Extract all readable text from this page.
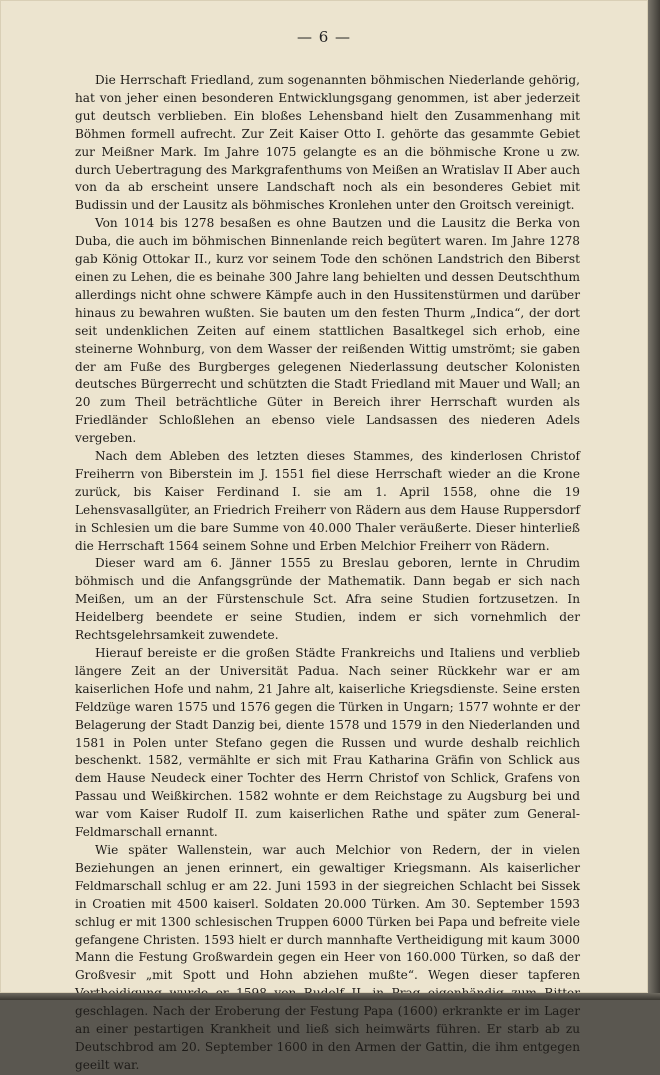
— 6 —

Die Herrschaft Friedland, zum sogenannten böhmischen Niederlande gehörig, hat von jeher einen besonderen Entwicklungsgang genommen, ist aber jederzeit gut deutsch verblieben. Ein bloßes Lehensband hielt den Zusammenhang mit Böhmen formell aufrecht. Zur Zeit Kaiser Otto I. gehörte das gesammte Gebiet zur Meißner Mark. Im Jahre 1075 gelangte es an die böhmische Krone u zw. durch Uebertragung des Markgrafenthums von Meißen an Wratislav II Aber auch von da ab erscheint unsere Landschaft noch als ein besonderes Gebiet mit Budissin und der Lausitz als böhmisches Kronlehen unter den Groitsch vereinigt.

Von 1014 bis 1278 besaßen es ohne Bautzen und die Lausitz die Berka von Duba, die auch im böhmischen Binnenlande reich begütert waren. Im Jahre 1278 gab König Ottokar II., kurz vor seinem Tode den schönen Landstrich den Biberst einen zu Lehen, die es beinahe 300 Jahre lang behielten und dessen Deutschthum allerdings nicht ohne schwere Kämpfe auch in den Hussitenstürmen und darüber hinaus zu bewahren wußten. Sie bauten um den festen Thurm „Indica“, der dort seit undenklichen Zeiten auf einem stattlichen Basaltkegel sich erhob, eine steinerne Wohnburg, von dem Wasser der reißenden Wittig umströmt; sie gaben der am Fuße des Burgberges gelegenen Niederlassung deutscher Kolonisten deutsches Bürgerrecht und schützten die Stadt Friedland mit Mauer und Wall; an 20 zum Theil beträchtliche Güter in Bereich ihrer Herrschaft wurden als Friedländer Schloßlehen an ebenso viele Landsassen des niederen Adels vergeben.

Nach dem Ableben des letzten dieses Stammes, des kinderlosen Christof Freiherrn von Biberstein im J. 1551 fiel diese Herrschaft wieder an die Krone zurück, bis Kaiser Ferdinand I. sie am 1. April 1558, ohne die 19 Lehensvasallgüter, an Friedrich Freiherr von Rädern aus dem Hause Ruppersdorf in Schlesien um die bare Summe von 40.000 Thaler veräußerte. Dieser hinterließ die Herrschaft 1564 seinem Sohne und Erben Melchior Freiherr von Rädern.

Dieser ward am 6. Jänner 1555 zu Breslau geboren, lernte in Chrudim böhmisch und die Anfangsgründe der Mathematik. Dann begab er sich nach Meißen, um an der Fürstenschule Sct. Afra seine Studien fortzusetzen. In Heidelberg beendete er seine Studien, indem er sich vornehmlich der Rechtsgelehrsamkeit zuwendete.

Hierauf bereiste er die großen Städte Frankreichs und Italiens und verblieb längere Zeit an der Universität Padua. Nach seiner Rückkehr war er am kaiserlichen Hofe und nahm, 21 Jahre alt, kaiserliche Kriegsdienste. Seine ersten Feldzüge waren 1575 und 1576 gegen die Türken in Ungarn; 1577 wohnte er der Belagerung der Stadt Danzig bei, diente 1578 und 1579 in den Niederlanden und 1581 in Polen unter Stefano gegen die Russen und wurde deshalb reichlich beschenkt. 1582, vermählte er sich mit Frau Katharina Gräfin von Schlick aus dem Hause Neudeck einer Tochter des Herrn Christof von Schlick, Grafens von Passau und Weißkirchen. 1582 wohnte er dem Reichstage zu Augsburg bei und war vom Kaiser Rudolf II. zum kaiserlichen Rathe und später zum General-Feldmarschall ernannt.

Wie später Wallenstein, war auch Melchior von Redern, der in vielen Beziehungen an jenen erinnert, ein gewaltiger Kriegsmann. Als kaiserlicher Feldmarschall schlug er am 22. Juni 1593 in der siegreichen Schlacht bei Sissek in Croatien mit 4500 kaiserl. Soldaten 20.000 Türken. Am 30. September 1593 schlug er mit 1300 schlesischen Truppen 6000 Türken bei Papa und befreite viele gefangene Christen. 1593 hielt er durch mannhafte Vertheidigung mit kaum 3000 Mann die Festung Großwardein gegen ein Heer von 160.000 Türken, so daß der Großvesir „mit Spott und Hohn abziehen mußte“. Wegen dieser tapferen geschlagen. Nach der Eroberung der Festung Papa (1600) erkrankte er im Lager an einer pestartigen Krankheit und ließ sich heimwärts führen. Er starb ab zu Deutschbrod am 20. September 1600 in den Armen der Gattin, die ihm entgegen geeilt war.
